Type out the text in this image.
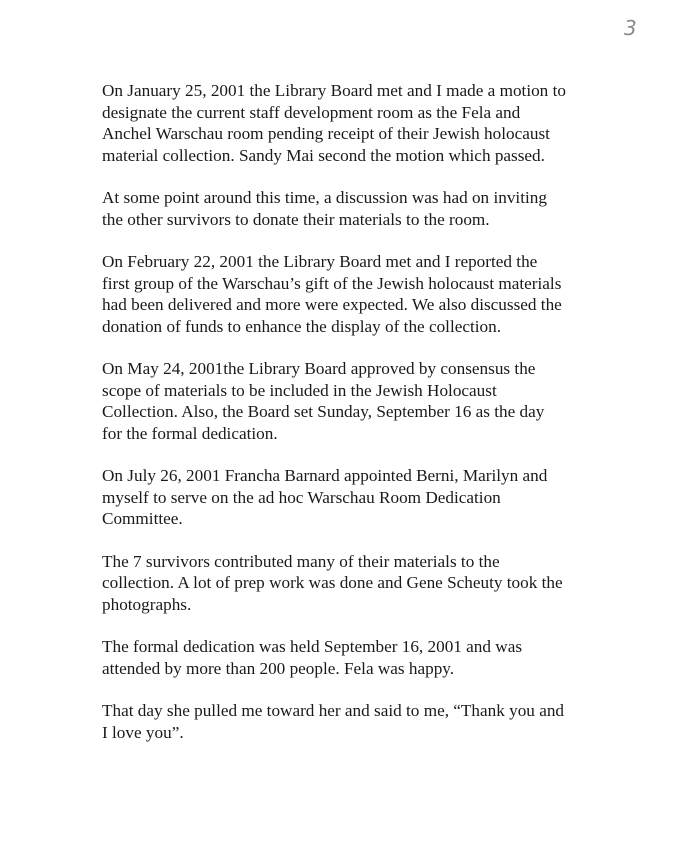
3

On January 25, 2001 the Library Board met and I made a motion to
designate the current staff development room as the Fela and
Anchel Warschau room pending receipt of their Jewish holocaust
material collection. Sandy Mai second the motion which passed.

At some point around this time, a discussion was had on inviting
the other survivors to donate their materials to the room.

On February 22, 2001 the Library Board met and I reported the
first group of the Warschau’s gift of the Jewish holocaust materials
had been delivered and more were expected. We also discussed the
donation of funds to enhance the display of the collection.

On May 24, 2001the Library Board approved by consensus the
scope of materials to be included in the Jewish Holocaust
Collection. Also, the Board set Sunday, September 16 as the day
for the formal dedication.

On July 26, 2001 Francha Barnard appointed Berni, Marilyn and
myself to serve on the ad hoc Warschau Room Dedication
Committee.

The 7 survivors contributed many of their materials to the
collection. A lot of prep work was done and Gene Scheuty took the
photographs.

The formal dedication was held September 16, 2001 and was
attended by more than 200 people. Fela was happy.

That day she pulled me toward her and said to me, “Thank you and
I love you”.
